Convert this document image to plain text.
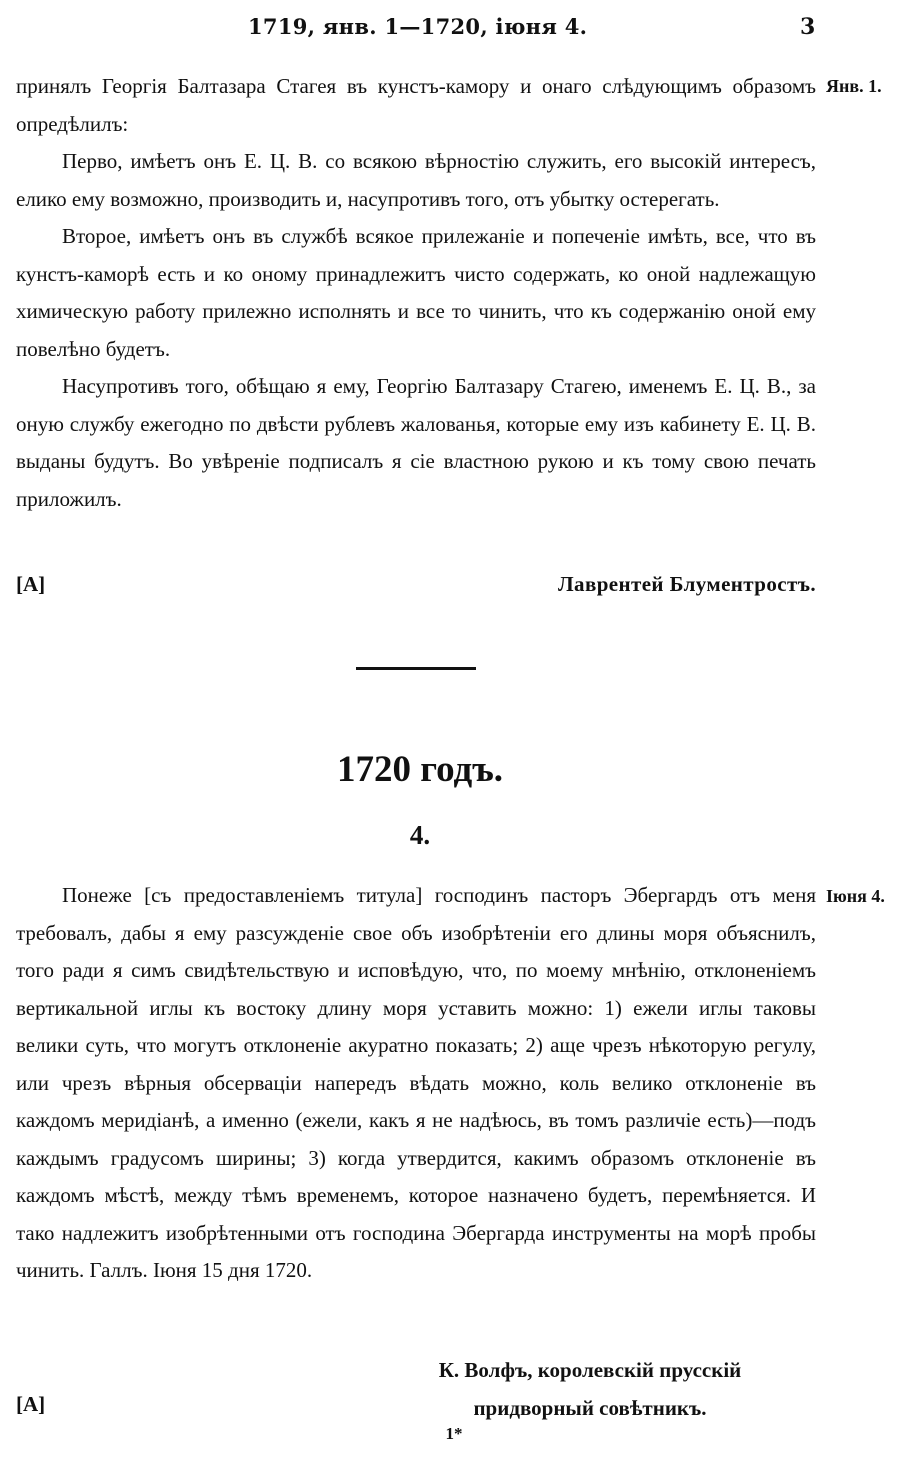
1719, янв. 1—1720, іюня 4.	3
Янв. 1.

принялъ Георгія Балтазара Стагея въ кунстъ-камору и онаго слѣдующимъ образомъ опредѣлилъ:

Перво, имѣетъ онъ Е. Ц. В. со всякою вѣрностію служить, его высокій интересъ, елико ему возможно, производить и, насупротивъ того, отъ убытку остерегать.

Второе, имѣетъ онъ въ службѣ всякое прилежаніе и попеченіе имѣть, все, что въ кунстъ-каморѣ есть и ко оному принадлежитъ чисто содержать, ко оной надлежащую химическую работу прилежно исполнять и все то чинить, что къ содержанію оной ему повелѣно будетъ.

Насупротивъ того, обѣщаю я ему, Георгію Балтазару Стагею, именемъ Е. Ц. В., за оную службу ежегодно по двѣсти рублевъ жалованья, которые ему изъ кабинету Е. Ц. В. выданы будутъ. Во увѣреніе подписалъ я сіе властною рукою и къ тому свою печать приложилъ.

[A]	Лаврентей Блументростъ.
1720 годъ.
4.
Іюня 4.

Понеже [съ предоставленіемъ титула] господинъ пасторъ Эбергардъ отъ меня требовалъ, дабы я ему разсужденіе свое объ изобрѣтеніи его длины моря объяснилъ, того ради я симъ свидѣтельствую и исповѣдую, что, по моему мнѣнію, отклоненіемъ вертикальной иглы къ востоку длину моря уставить можно: 1) ежели иглы таковы велики суть, что могутъ отклоненіе акуратно показать; 2) аще чрезъ нѣкоторую регулу, или чрезъ вѣрныя обсерваціи напередъ вѣдать можно, коль велико отклоненіе въ каждомъ меридіанѣ, а именно (ежели, какъ я не надѣюсь, въ томъ различіе есть)—подъ каждымъ градусомъ ширины; 3) когда утвердится, какимъ образомъ отклоненіе въ каждомъ мѣстѣ, между тѣмъ временемъ, которое назначено будетъ, перемѣняется. И тако надлежитъ изобрѣтенными отъ господина Эбергарда инструменты на морѣ пробы чинить. Галлъ. Іюня 15 дня 1720.

К. Волфъ, королевскій прусскій
придворный совѣтникъ.
[A]
1*
